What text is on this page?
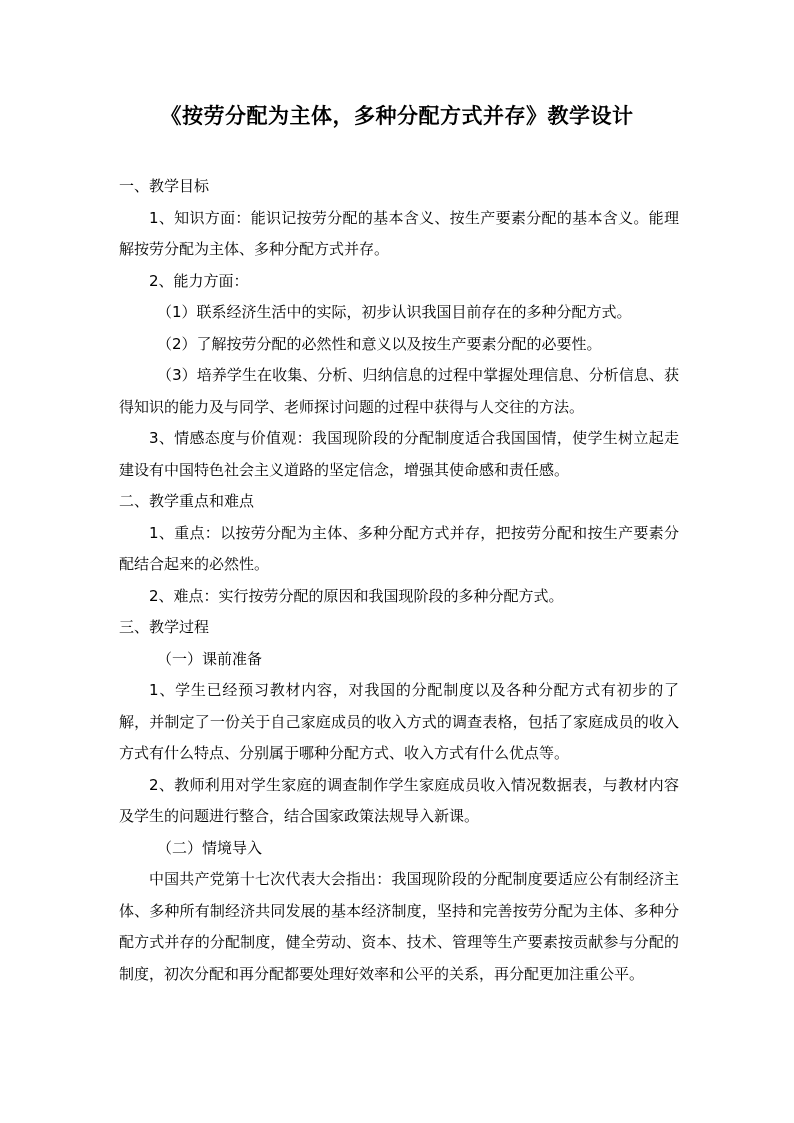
《按劳分配为主体，多种分配方式并存》教学设计

一、教学目标

1、知识方面：能识记按劳分配的基本含义、按生产要素分配的基本含义。能理解按劳分配为主体、多种分配方式并存。

2、能力方面：

（1）联系经济生活中的实际，初步认识我国目前存在的多种分配方式。

（2）了解按劳分配的必然性和意义以及按生产要素分配的必要性。

（3）培养学生在收集、分析、归纳信息的过程中掌握处理信息、分析信息、获得知识的能力及与同学、老师探讨问题的过程中获得与人交往的方法。

3、情感态度与价值观：我国现阶段的分配制度适合我国国情，使学生树立起走建设有中国特色社会主义道路的坚定信念，增强其使命感和责任感。

二、教学重点和难点

1、重点：以按劳分配为主体、多种分配方式并存，把按劳分配和按生产要素分配结合起来的必然性。

2、难点：实行按劳分配的原因和我国现阶段的多种分配方式。

三、教学过程

（一）课前准备

1、学生已经预习教材内容，对我国的分配制度以及各种分配方式有初步的了解，并制定了一份关于自己家庭成员的收入方式的调查表格，包括了家庭成员的收入方式有什么特点、分别属于哪种分配方式、收入方式有什么优点等。

2、教师利用对学生家庭的调查制作学生家庭成员收入情况数据表，与教材内容及学生的问题进行整合，结合国家政策法规导入新课。

（二）情境导入

中国共产党第十七次代表大会指出：我国现阶段的分配制度要适应公有制经济主体、多种所有制经济共同发展的基本经济制度，坚持和完善按劳分配为主体、多种分配方式并存的分配制度，健全劳动、资本、技术、管理等生产要素按贡献参与分配的制度，初次分配和再分配都要处理好效率和公平的关系，再分配更加注重公平。
